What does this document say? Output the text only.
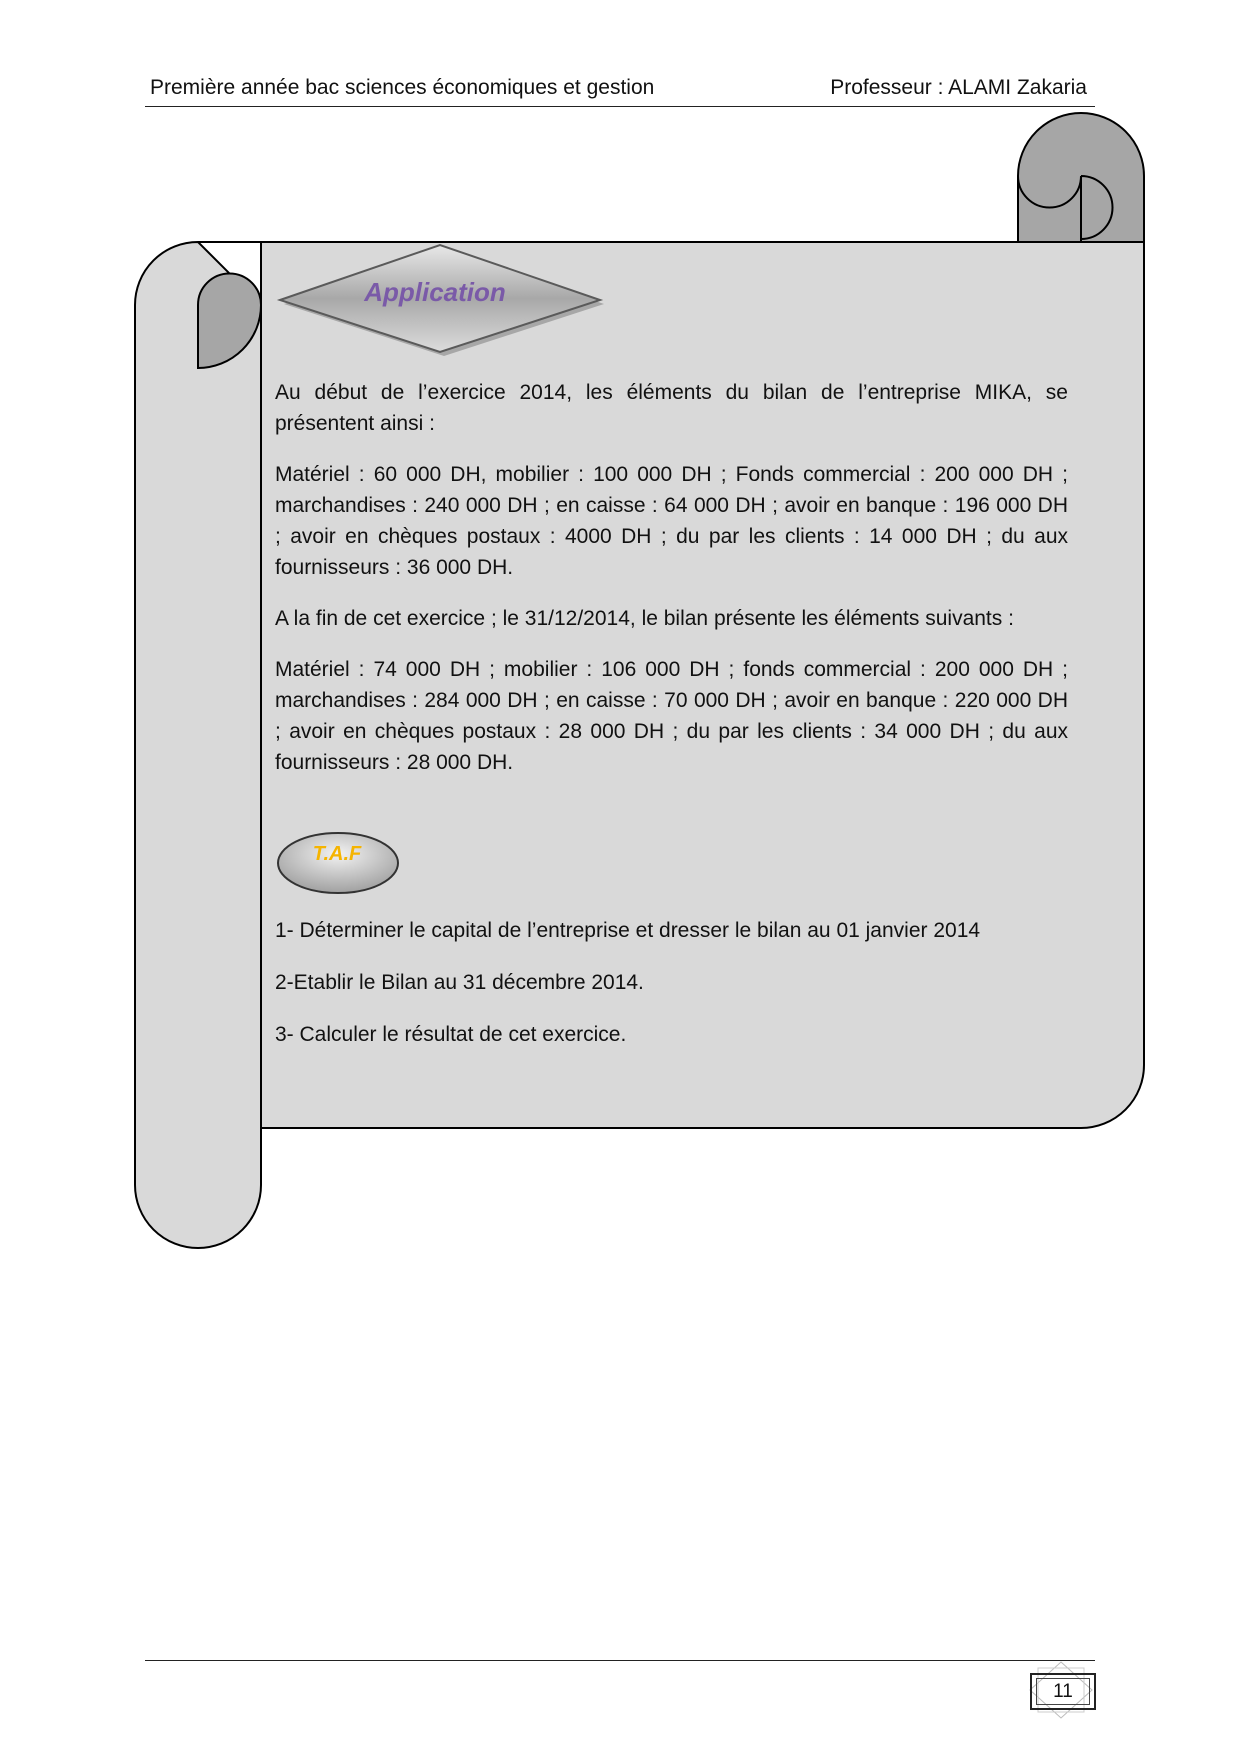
Première année bac sciences économiques et gestion	Professeur : ALAMI Zakaria
Application
T.A.F

Au début de l’exercice 2014, les éléments du bilan de l’entreprise MIKA, se présentent ainsi :

Matériel : 60 000 DH, mobilier : 100 000 DH ; Fonds commercial : 200 000 DH ; marchandises : 240 000 DH ; en caisse : 64 000 DH ; avoir en banque : 196 000 DH ; avoir en chèques postaux : 4000 DH ; du par les clients : 14 000 DH ; du aux fournisseurs : 36 000 DH.

A la fin de cet exercice ; le 31/12/2014, le bilan présente les éléments suivants :

Matériel : 74 000 DH ; mobilier : 106 000 DH ; fonds commercial : 200 000 DH ; marchandises : 284 000 DH ; en caisse : 70 000 DH ; avoir en banque : 220 000 DH ; avoir en chèques postaux : 28 000 DH ; du par les clients : 34 000 DH ; du aux fournisseurs : 28 000 DH.

1- Déterminer le capital de l’entreprise et dresser le bilan au 01 janvier 2014

2-Etablir le Bilan au 31 décembre 2014.

3- Calculer le résultat de cet exercice.

11
